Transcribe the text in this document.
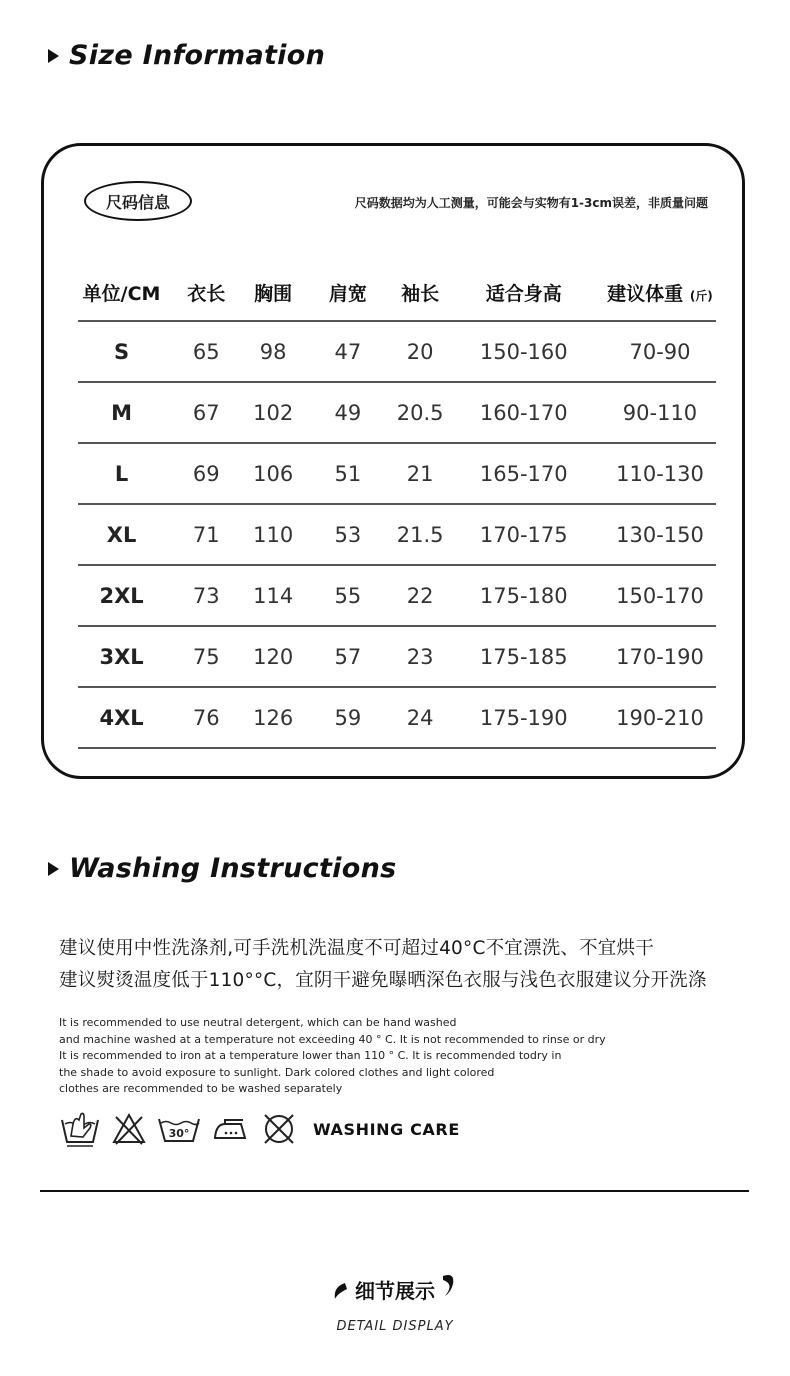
Size Information
尺码信息	尺码数据均为人工测量，可能会与实物有1-3cm误差，非质量问题
单位/CM	衣长	胸围	肩宽	袖长	适合身高	建议体重 (斤)
S	65	98	47	20	150-160	70-90
M	67	102	49	20.5	160-170	90-110
L	69	106	51	21	165-170	110-130
XL	71	110	53	21.5	170-175	130-150
2XL	73	114	55	22	175-180	150-170
3XL	75	120	57	23	175-185	170-190
4XL	76	126	59	24	175-190	190-210
Washing Instructions
建议使用中性洗涤剂,可手洗机洗温度不可超过40°C不宜漂洗、不宜烘干
建议熨烫温度低于110°°C，宜阴干避免曝晒深色衣服与浅色衣服建议分开洗涤
It is recommended to use neutral detergent, which can be hand washed
and machine washed at a temperature not exceeding 40 ° C. It is not recommended to rinse or dry
It is recommended to iron at a temperature lower than 110 ° C. It is recommended todry in
the shade to avoid exposure to sunlight. Dark colored clothes and light colored
clothes are recommended to be washed separately
30°	WASHING CARE
细节展示
DETAIL DISPLAY
